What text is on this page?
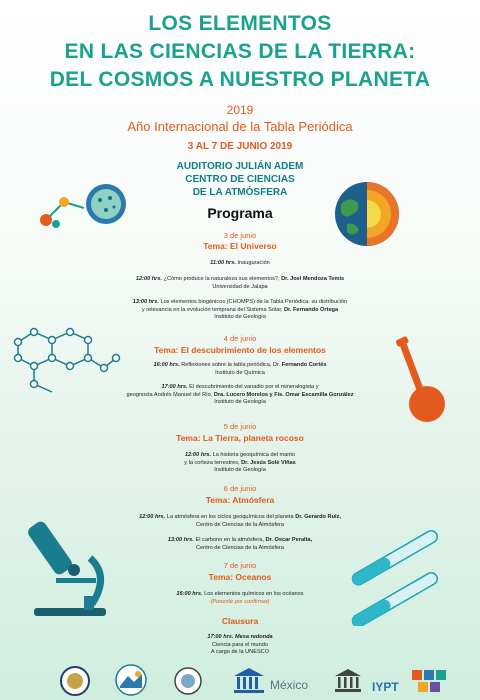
LOS ELEMENTOS
EN LAS CIENCIAS DE LA TIERRA:
DEL COSMOS A NUESTRO PLANETA
2019
Año Internacional de la Tabla Periódica
3 AL 7 DE JUNIO 2019
AUDITORIO JULIÁN ADEM
CENTRO DE CIENCIAS
DE LA ATMÓSFERA
Programa
3 de junio
Tema: El Universo
11:00 hrs. Inauguración
12:00 hrs. ¿Cómo produce la naturaleza sus elementos?, Dr. Joel Mendoza Temis
Universidad de Jalapa
13:00 hrs. Los elementos biogénicos (CHOMPS) de la Tabla Periódica: su distribución
y relevancia en la evolución temprana del Sistema Solar, Dr. Fernando Ortega
Instituto de Geología
4 de junio
Tema: El descubrimiento de los elementos
16:00 hrs. Reflexiones sobre la tabla periódica, Dr. Fernando Cortés
Instituto de Química
17:00 hrs. El descubrimiento del vanadio por el mineralogista y
geognosta Andrés Manuel del Río, Dra. Lucero Morelos y Fís. Omar Escamilla González
Instituto de Geología
5 de junio
Tema: La Tierra, planeta rocoso
12:00 hrs. La historia geoquímica del manto
y la corteza terrestres, Dr. Jesús Solé Viñas
Instituto de Geología
6 de junio
Tema: Atmósfera
12:00 hrs. La atmósfera en los ciclos geoquímicos del planeta Dr. Gerardo Ruiz,
Centro de Ciencias de la Atmósfera
13:00 hrs. El carbono en la atmósfera, Dr. Oscar Peralta,
Centro de Ciencias de la Atmósfera
7 de junio
Tema: Oceanos
16:00 hrs. Los elementos químicos en los océanos
(Ponente por confirmar)
Clausura
17:00 hrs. Mesa redonda
Ciencia para el mundo
A cargo de la UNESCO
México	IYPT
